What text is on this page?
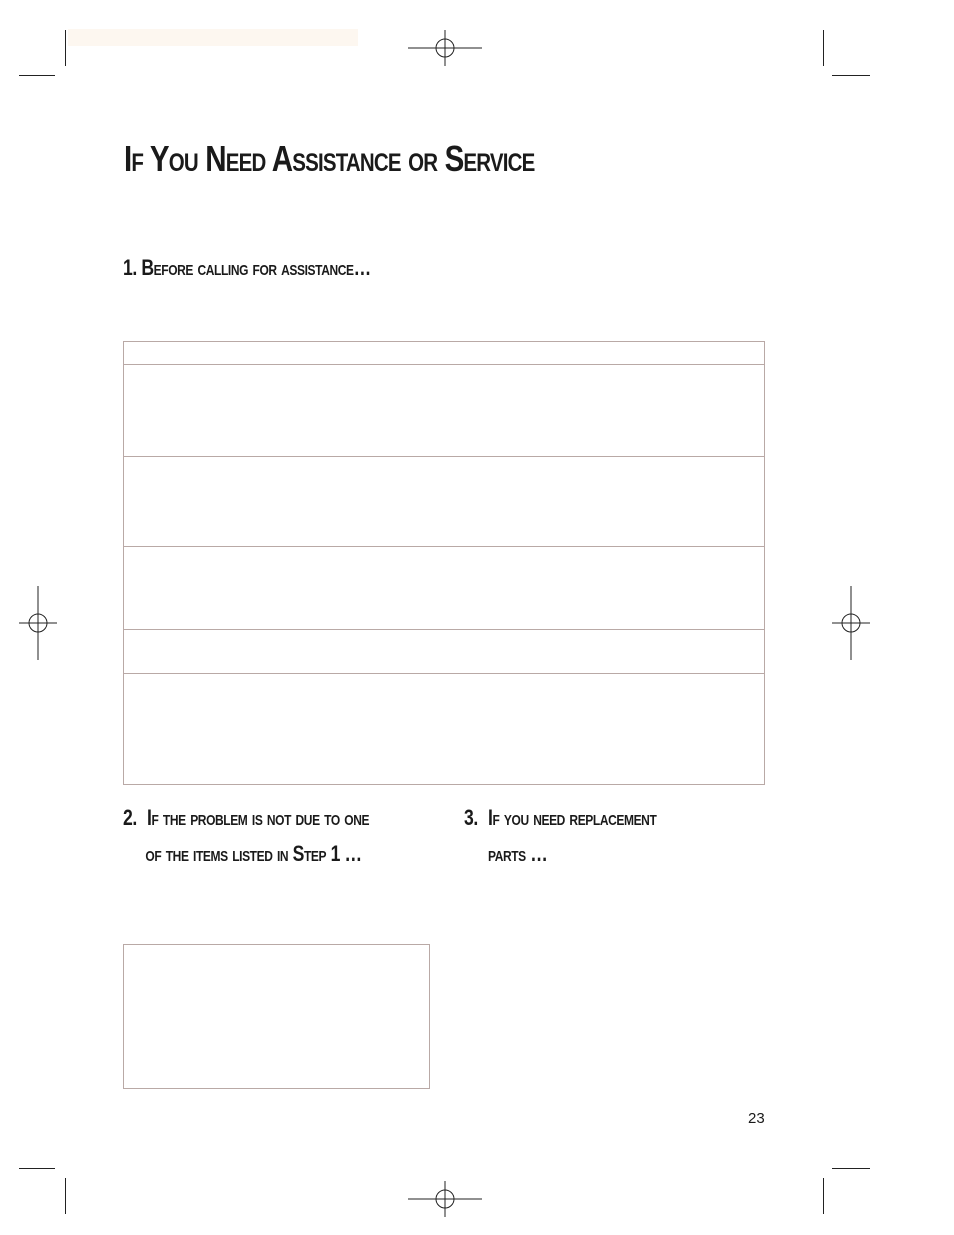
If You Need Assistance or Service
1. Before calling for assistance…
2. If the problem is not due to one
of the items listed in Step 1 …
3. If you need replacement
parts …
23
